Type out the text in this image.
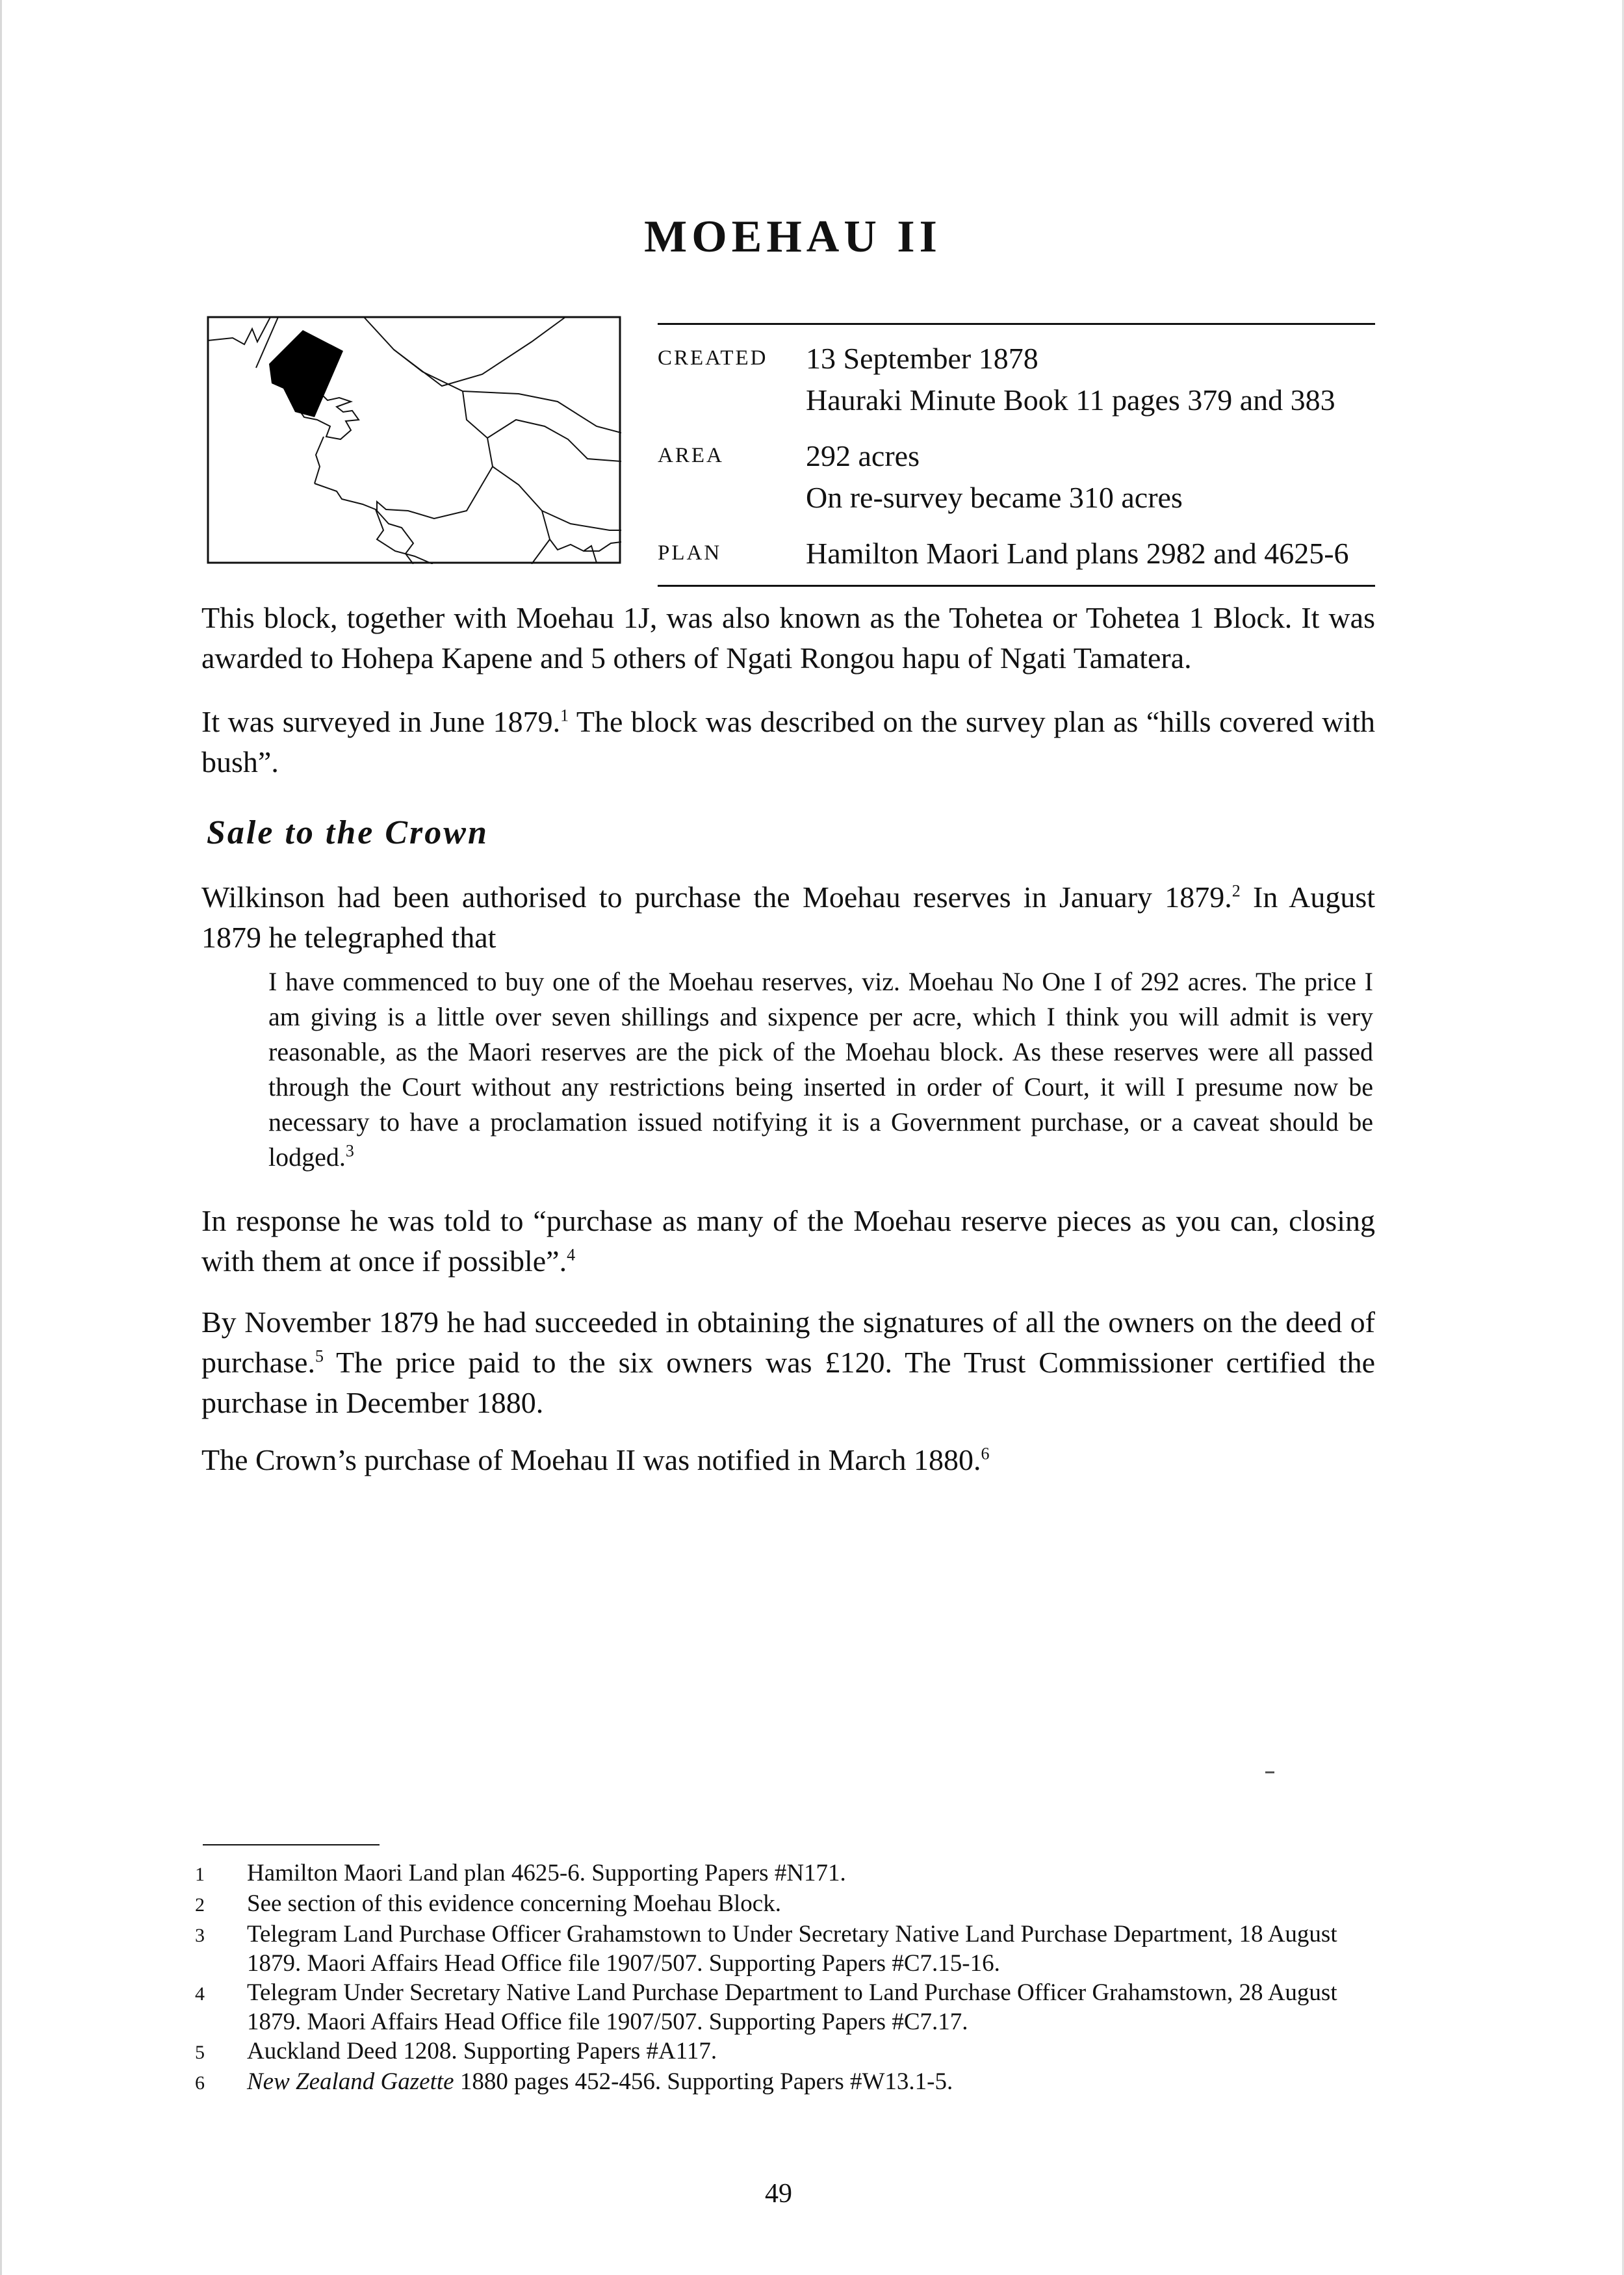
MOEHAU II
CREATED	13 September 1878
Hauraki Minute Book 11 pages 379 and 383
AREA	292 acres
On re-survey became 310 acres
PLAN	Hamilton Maori Land plans 2982 and 4625-6

This block, together with Moehau 1J, was also known as the Tohetea or Tohetea 1 Block. It was awarded to Hohepa Kapene and 5 others of Ngati Rongou hapu of Ngati Tamatera.

It was surveyed in June 1879.$^1$ The block was described on the survey plan as “hills covered with bush”.

Sale to the Crown

Wilkinson had been authorised to purchase the Moehau reserves in January 1879.$^2$ In August 1879 he telegraphed that

I have commenced to buy one of the Moehau reserves, viz. Moehau No One I of 292 acres. The price I am giving is a little over seven shillings and sixpence per acre, which I think you will admit is very reasonable, as the Maori reserves are the pick of the Moehau block. As these reserves were all passed through the Court without any restrictions being inserted in order of Court, it will I presume now be necessary to have a proclamation issued notifying it is a Government purchase, or a caveat should be lodged.$^3$

In response he was told to “purchase as many of the Moehau reserve pieces as you can, closing with them at once if possible”.$^4$

By November 1879 he had succeeded in obtaining the signatures of all the owners on the deed of purchase.$^5$ The price paid to the six owners was £120. The Trust Commissioner certified the purchase in December 1880.

The Crown’s purchase of Moehau II was notified in March 1880.$^6$

1	Hamilton Maori Land plan 4625-6. Supporting Papers #N171.
2	See section of this evidence concerning Moehau Block.
3	Telegram Land Purchase Officer Grahamstown to Under Secretary Native Land Purchase Department, 18 August 1879. Maori Affairs Head Office file 1907/507. Supporting Papers #C7.15-16.
4	Telegram Under Secretary Native Land Purchase Department to Land Purchase Officer Grahamstown, 28 August 1879. Maori Affairs Head Office file 1907/507. Supporting Papers #C7.17.
5	Auckland Deed 1208. Supporting Papers #A117.
6	New Zealand Gazette 1880 pages 452-456. Supporting Papers #W13.1-5.

49
